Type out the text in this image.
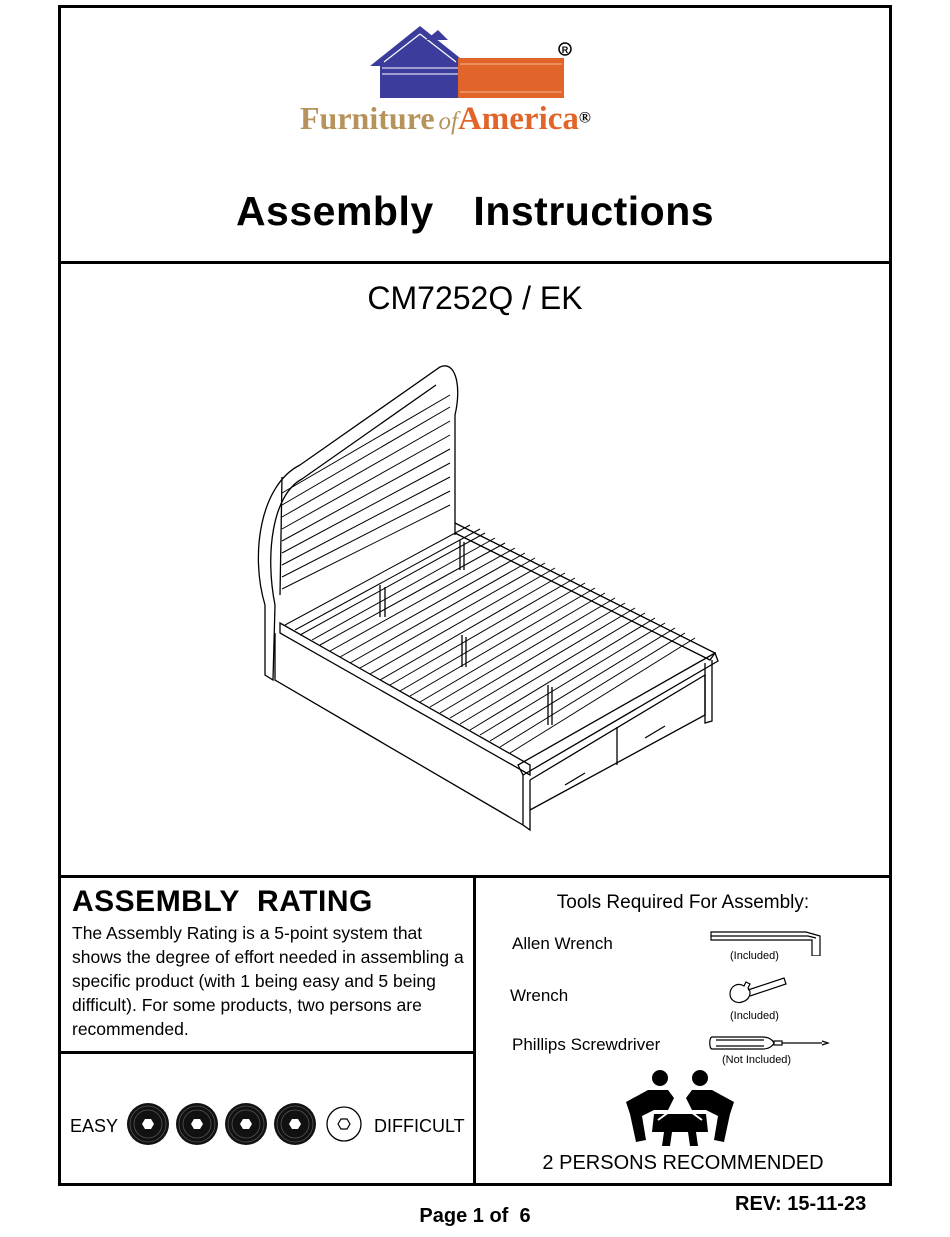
R
Furniture ofAmerica®
Assembly  Instructions
CM7252Q / EK
ASSEMBLY  RATING
The Assembly Rating is a 5-point system that shows the degree of effort needed in assembling a specific product (with 1 being easy and 5 being difficult). For some products, two persons are recommended.
EASY	DIFFICULT
Tools Required For Assembly:
Allen Wrench
(Included)
Wrench
(Included)
Phillips Screwdriver
(Not Included)
2 PERSONS RECOMMENDED
Page 1 of  6
REV: 15-11-23
